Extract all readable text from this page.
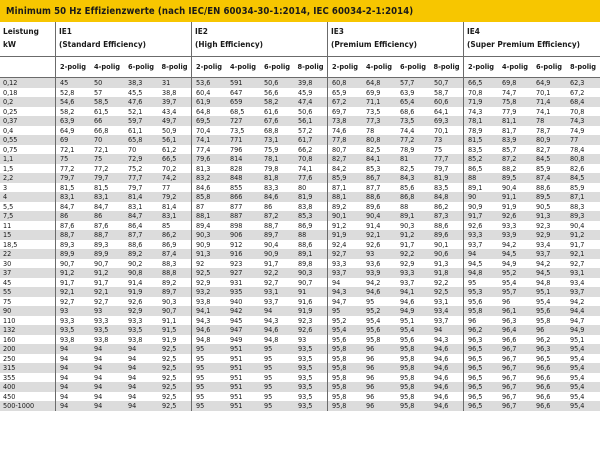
Minimum 50 Hz Effizienzwerte (nach IEC/EN 60034-30-1:2014, IEC 60034-2-1:2014)
Leistung
kW
IE1
(Standard Efficiency)
IE2
(High Efficiency)
IE3
(Premium Efficiency)
IE4
(Super Premium Efficiency)
2-polig	4-polig	6-polig	8-polig	2-polig	4-polig	6-polig	8-polig	2-polig	4-polig	6-polig	8-polig	2-polig	4-polig	6-polig	8-polig
0,12	45	50	38,3	31	53,6	591	50,6	39,8	60,8	64,8	57,7	50,7	66,5	69,8	64,9	62,3
0,18	52,8	57	45,5	38,8	60,4	647	56,6	45,9	65,9	69,9	63,9	58,7	70,8	74,7	70,1	67,2
0,2	54,6	58,5	47,6	39,7	61,9	659	58,2	47,4	67,2	71,1	65,4	60,6	71,9	75,8	71,4	68,4
0,25	58,2	61,5	52,1	43,4	64,8	68,5	61,6	50,6	69,7	73,5	68,6	64,1	74,3	77,9	74,1	70,8
0,37	63,9	66	59,7	49,7	69,5	727	67,6	56,1	73,8	77,3	73,5	69,3	78,1	81,1	78	74,3
0,4	64,9	66,8	61,1	50,9	70,4	73,5	68,8	57,2	74,6	78	74,4	70,1	78,9	81,7	78,7	74,9
0,55	69	70	65,8	56,1	74,1	771	73,1	61,7	77,8	80,8	77,2	73	81,5	83,9	80,9	77
0,75	72,1	72,1	70	61,2	77,4	796	75,9	66,2	80,7	82,5	78,9	75	83,5	85,7	82,7	78,4
1,1	75	75	72,9	66,5	79,6	814	78,1	70,8	82,7	84,1	81	77,7	85,2	87,2	84,5	80,8
1,5	77,2	77,2	75,2	70,2	81,3	828	79,8	74,1	84,2	85,3	82,5	79,7	86,5	88,2	85,9	82,6
2,2	79,7	79,7	77,7	74,2	83,2	848	81,8	77,6	85,9	86,7	84,3	81,9	88	89,5	87,4	84,5
3	81,5	81,5	79,7	77	84,6	855	83,3	80	87,1	87,7	85,6	83,5	89,1	90,4	88,6	85,9
4	83,1	83,1	81,4	79,2	85,8	866	84,6	81,9	88,1	88,6	86,8	84,8	90	91,1	89,5	87,1
5,5	84,7	84,7	83,1	81,4	87	877	86	83,8	89,2	89,6	88	86,2	90,9	91,9	90,5	88,3
7,5	86	86	84,7	83,1	88,1	887	87,2	85,3	90,1	90,4	89,1	87,3	91,7	92,6	91,3	89,3
11	87,6	87,6	86,4	85	89,4	898	88,7	86,9	91,2	91,4	90,3	88,6	92,6	93,3	92,3	90,4
15	88,7	88,7	87,7	86,2	90,3	906	89,7	88	91,9	92,1	91,2	89,6	93,3	93,9	92,9	91,2
18,5	89,3	89,3	88,6	86,9	90,9	912	90,4	88,6	92,4	92,6	91,7	90,1	93,7	94,2	93,4	91,7
22	89,9	89,9	89,2	87,4	91,3	916	90,9	89,1	92,7	93	92,2	90,6	94	94,5	93,7	92,1
30	90,7	90,7	90,2	88,3	92	923	91,7	89,8	93,3	93,6	92,9	91,3	94,5	94,9	94,2	92,7
37	91,2	91,2	90,8	88,8	92,5	927	92,2	90,3	93,7	93,9	93,3	91,8	94,8	95,2	94,5	93,1
45	91,7	91,7	91,4	89,2	92,9	931	92,7	90,7	94	94,2	93,7	92,2	95	95,4	94,8	93,4
55	92,1	92,1	91,9	89,7	93,2	935	93,1	91	94,3	94,6	94,1	92,5	95,3	95,7	95,1	93,7
75	92,7	92,7	92,6	90,3	93,8	940	93,7	91,6	94,7	95	94,6	93,1	95,6	96	95,4	94,2
90	93	93	92,9	90,7	94,1	942	94	91,9	95	95,2	94,9	93,4	95,8	96,1	95,6	94,4
110	93,3	93,3	93,3	91,1	94,3	945	94,3	92,3	95,2	95,4	95,1	93,7	96	96,3	95,8	94,7
132	93,5	93,5	93,5	91,5	94,6	947	94,6	92,6	95,4	95,6	95,4	94	96,2	96,4	96	94,9
160	93,8	93,8	93,8	91,9	94,8	949	94,8	93	95,6	95,8	95,6	94,3	96,3	96,6	96,2	95,1
200	94	94	94	92,5	95	951	95	93,5	95,8	96	95,8	94,6	96,5	96,7	96,3	95,4
250	94	94	94	92,5	95	951	95	93,5	95,8	96	95,8	94,6	96,5	96,7	96,5	95,4
315	94	94	94	92,5	95	951	95	93,5	95,8	96	95,8	94,6	96,5	96,7	96,6	95,4
355	94	94	94	92,5	95	951	95	93,5	95,8	96	95,8	94,6	96,5	96,7	96,6	95,4
400	94	94	94	92,5	95	951	95	93,5	95,8	96	95,8	94,6	96,5	96,7	96,6	95,4
450	94	94	94	92,5	95	951	95	93,5	95,8	96	95,8	94,6	96,5	96,7	96,6	95,4
500-1000	94	94	94	92,5	95	951	95	93,5	95,8	96	95,8	94,6	96,5	96,7	96,6	95,4
